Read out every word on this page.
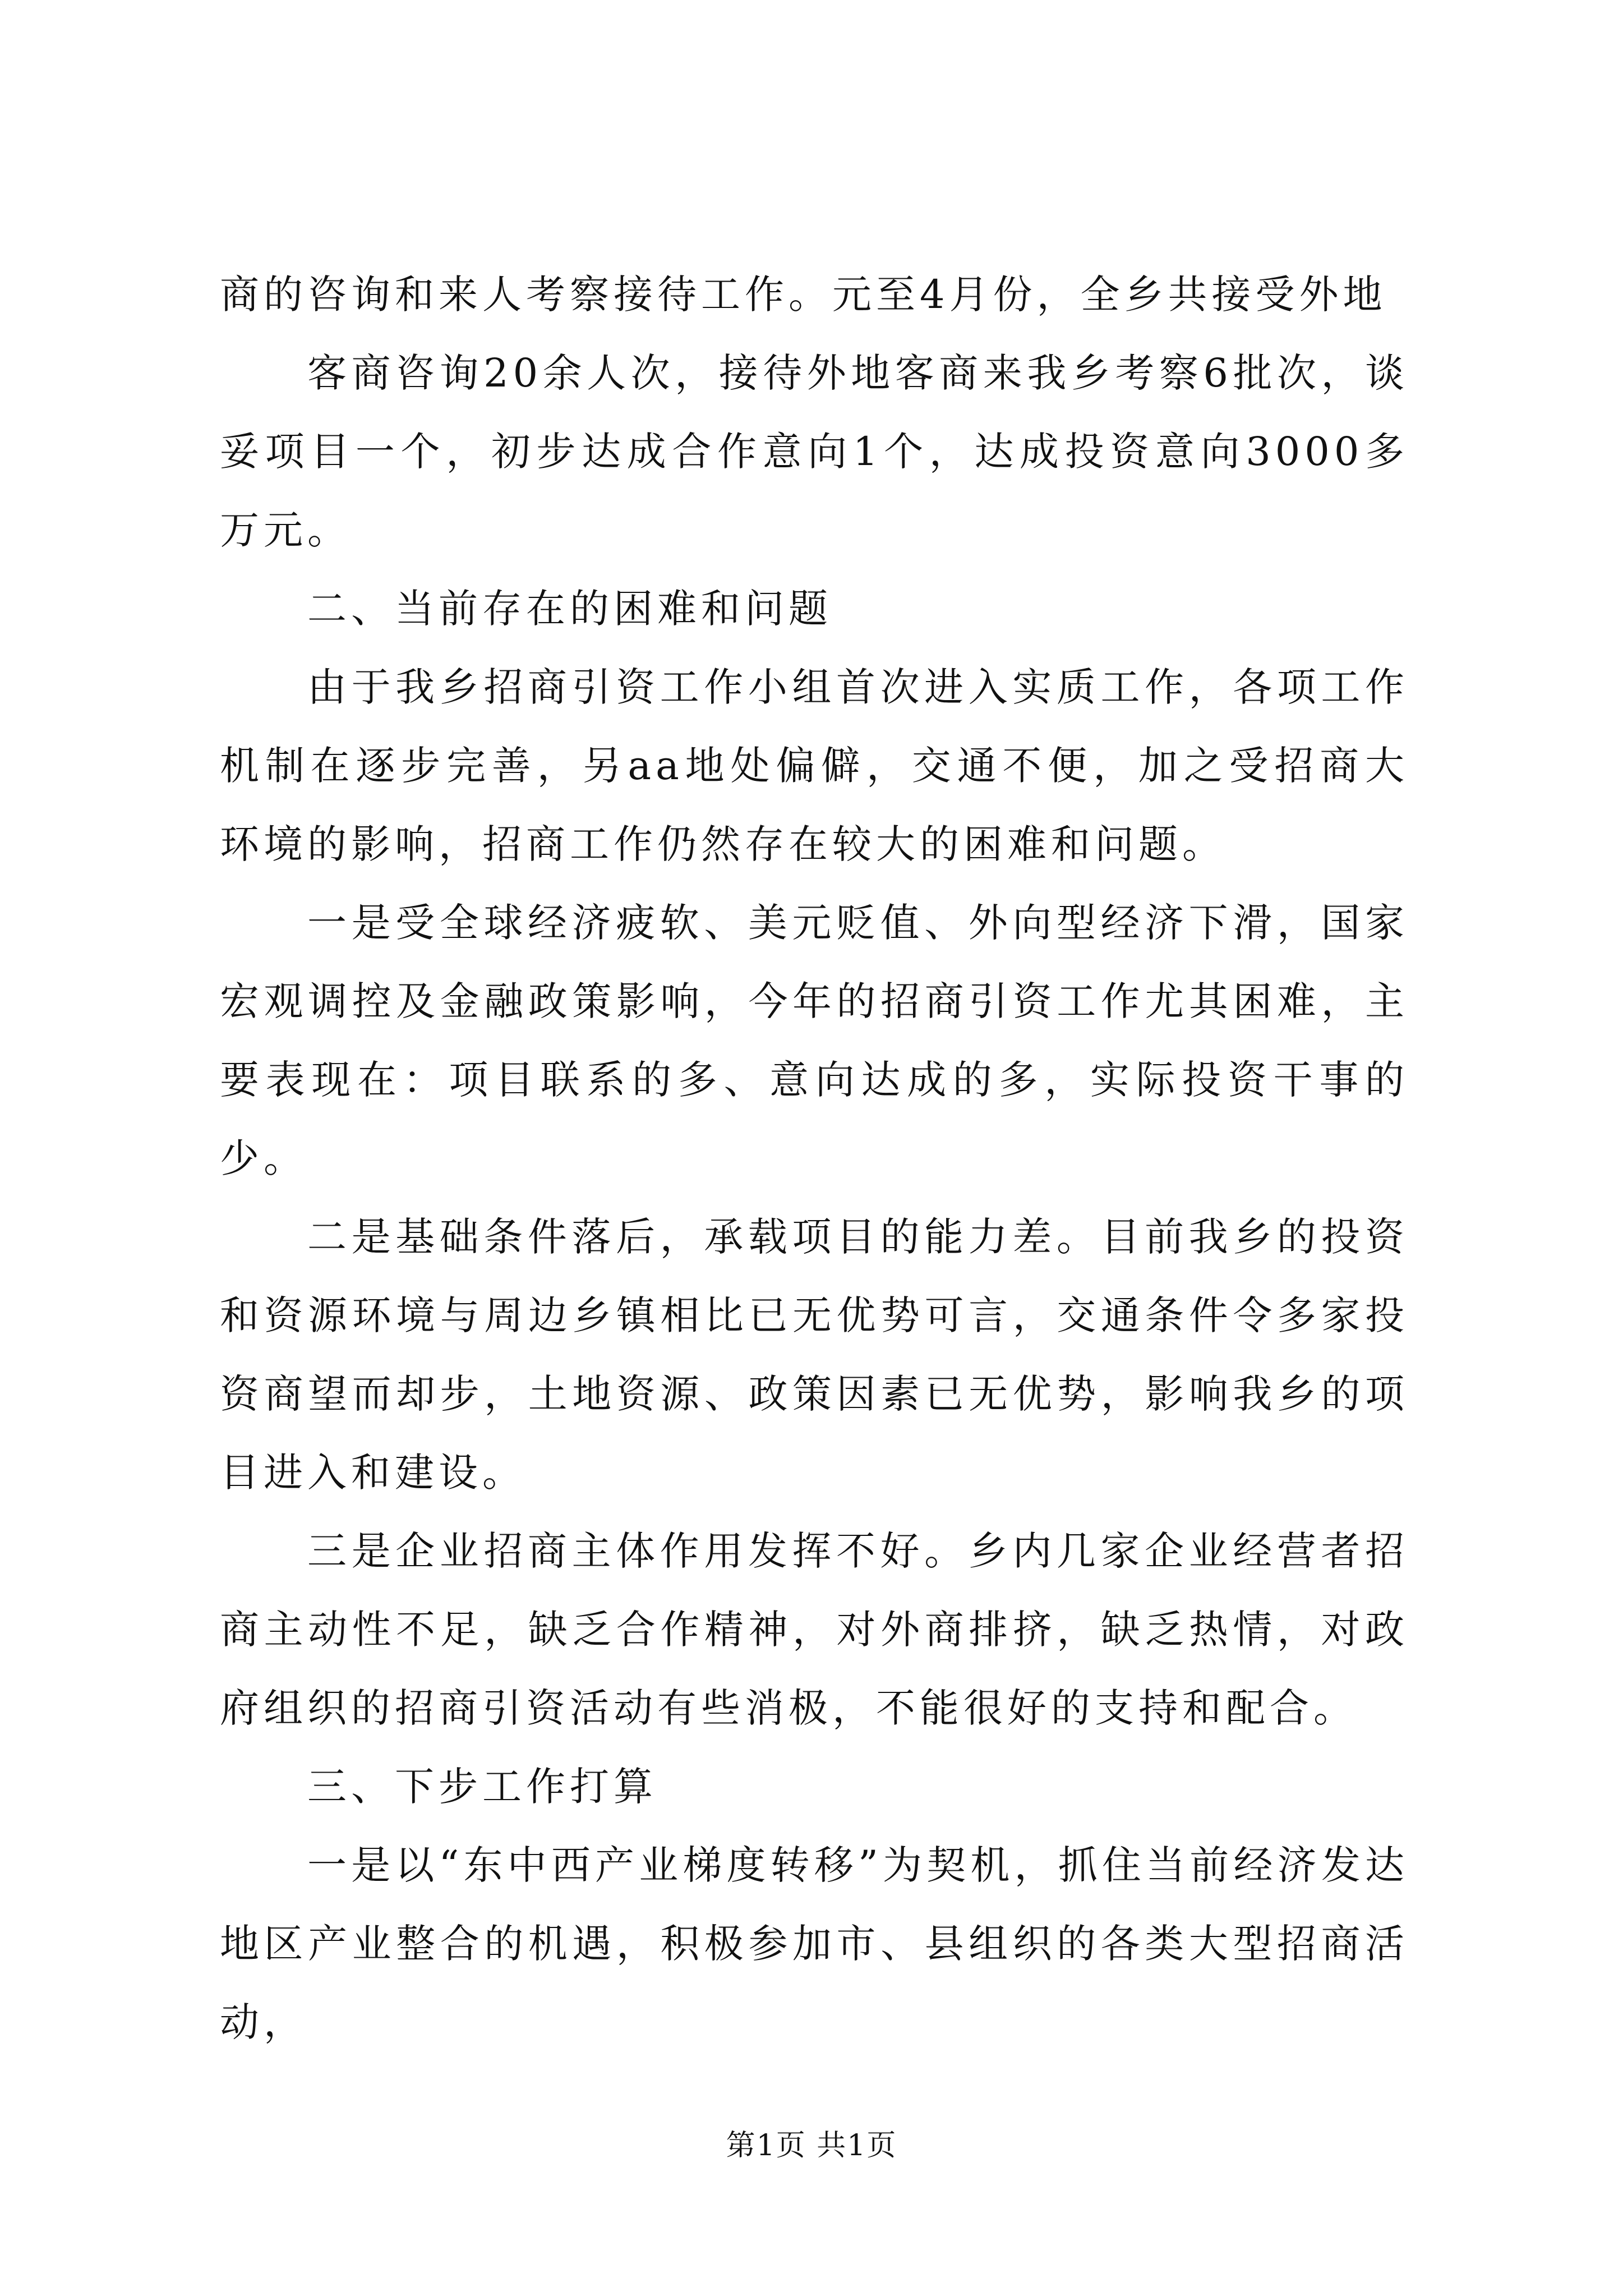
商的咨询和来人考察接待工作。元至4月份，全乡共接受外地

客商咨询20余人次，接待外地客商来我乡考察6批次，谈妥项目一个，初步达成合作意向1个，达成投资意向3000多万元。

二、当前存在的困难和问题

由于我乡招商引资工作小组首次进入实质工作，各项工作机制在逐步完善，另aa地处偏僻，交通不便，加之受招商大环境的影响，招商工作仍然存在较大的困难和问题。

一是受全球经济疲软、美元贬值、外向型经济下滑，国家宏观调控及金融政策影响，今年的招商引资工作尤其困难，主要表现在：项目联系的多、意向达成的多，实际投资干事的少。

二是基础条件落后，承载项目的能力差。目前我乡的投资和资源环境与周边乡镇相比已无优势可言，交通条件令多家投资商望而却步，土地资源、政策因素已无优势，影响我乡的项目进入和建设。

三是企业招商主体作用发挥不好。乡内几家企业经营者招商主动性不足，缺乏合作精神，对外商排挤，缺乏热情，对政府组织的招商引资活动有些消极，不能很好的支持和配合。

三、下步工作打算

一是以“东中西产业梯度转移”为契机，抓住当前经济发达地区产业整合的机遇，积极参加市、县组织的各类大型招商活动，

第1页 共1页
